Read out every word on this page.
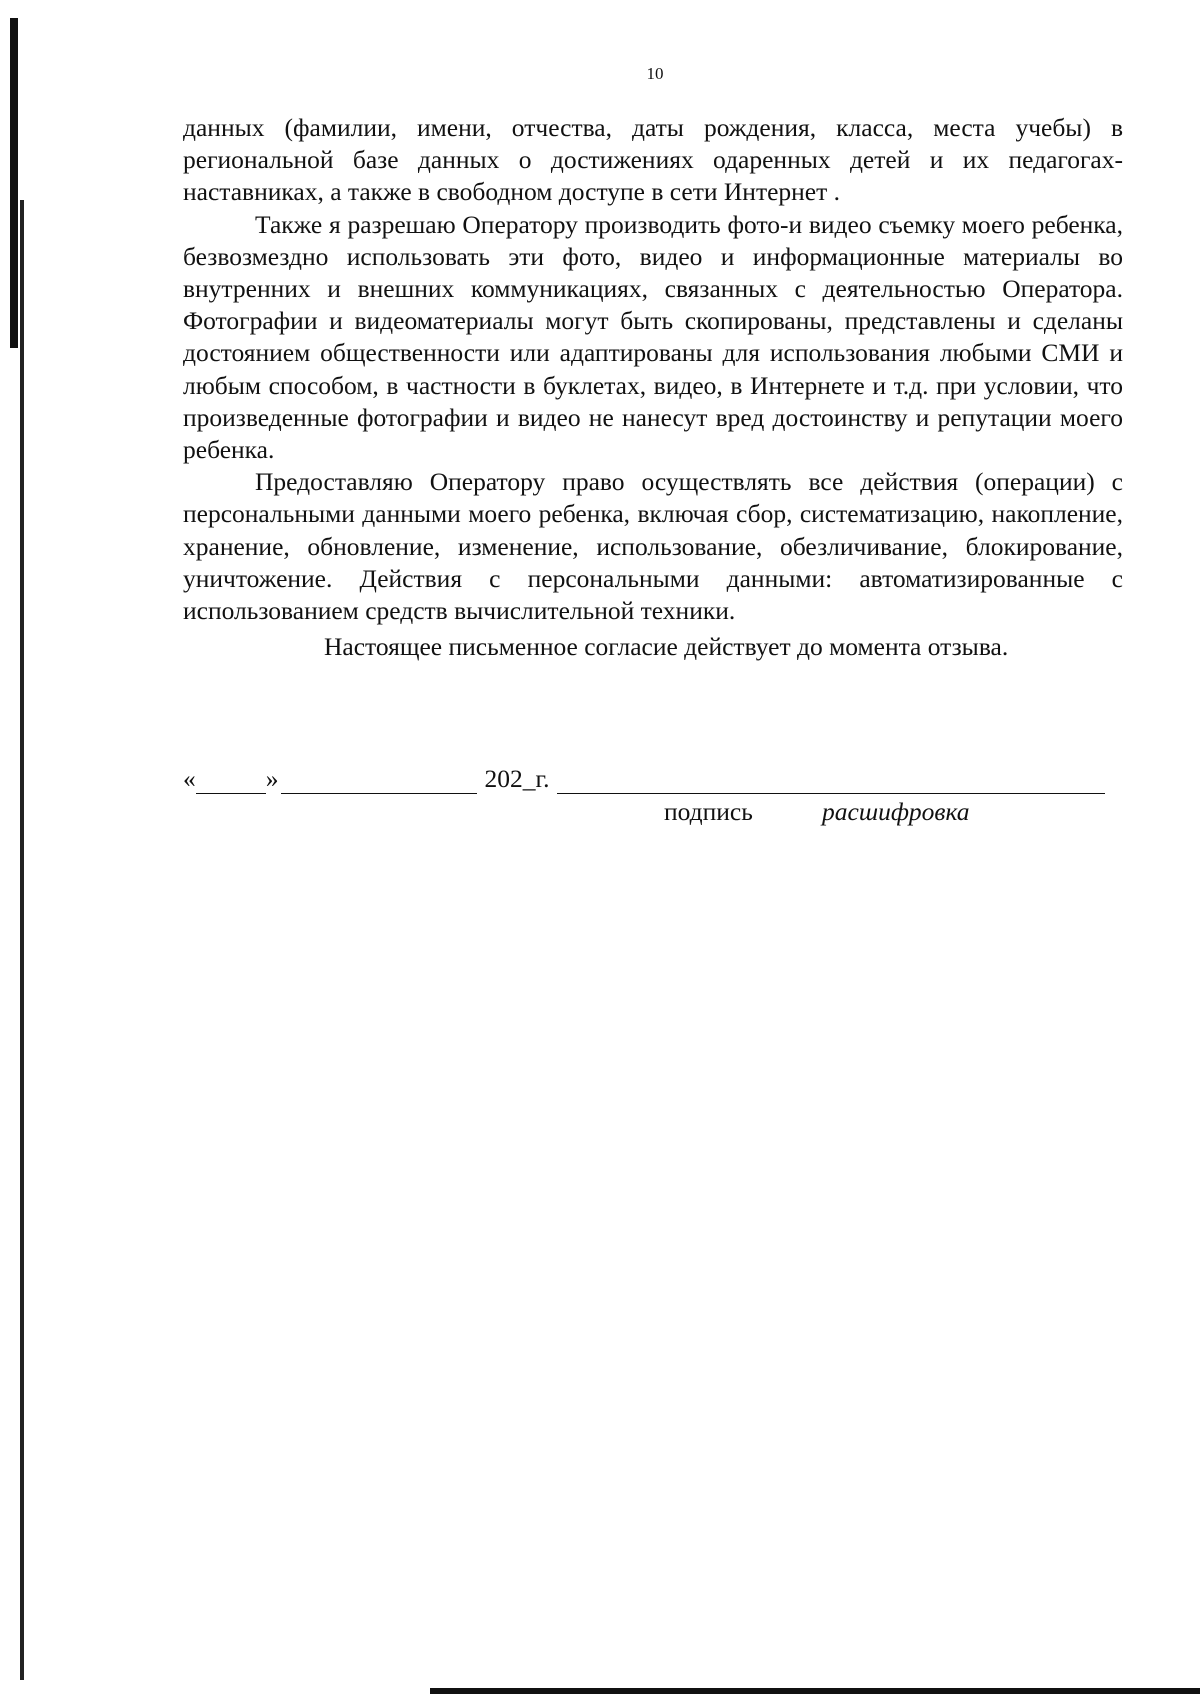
10

данных (фамилии, имени, отчества, даты рождения, класса, места учебы) в региональной базе данных о достижениях одаренных детей и их педагогах-наставниках, а также в свободном доступе в сети Интернет .

Также я разрешаю Оператору производить фото-и видео съемку моего ребенка, безвозмездно использовать эти фото, видео и информационные материалы во внутренних и внешних коммуникациях, связанных с деятельностью Оператора. Фотографии и видеоматериалы могут быть скопированы, представлены и сделаны достоянием общественности или адаптированы для использования любыми СМИ и любым способом, в частности в буклетах, видео, в Интернете и т.д. при условии, что произведенные фотографии и видео не нанесут вред достоинству и репутации моего ребенка.

Предоставляю Оператору право осуществлять все действия (операции) с персональными данными моего ребенка, включая сбор, систематизацию, накопление, хранение, обновление, изменение, использование, обезличивание, блокирование, уничтожение. Действия с персональными данными: автоматизированные с использованием средств вычислительной техники.

Настоящее письменное согласие действует до момента отзыва.

«	»	202_г.
подпись	расшифровка
